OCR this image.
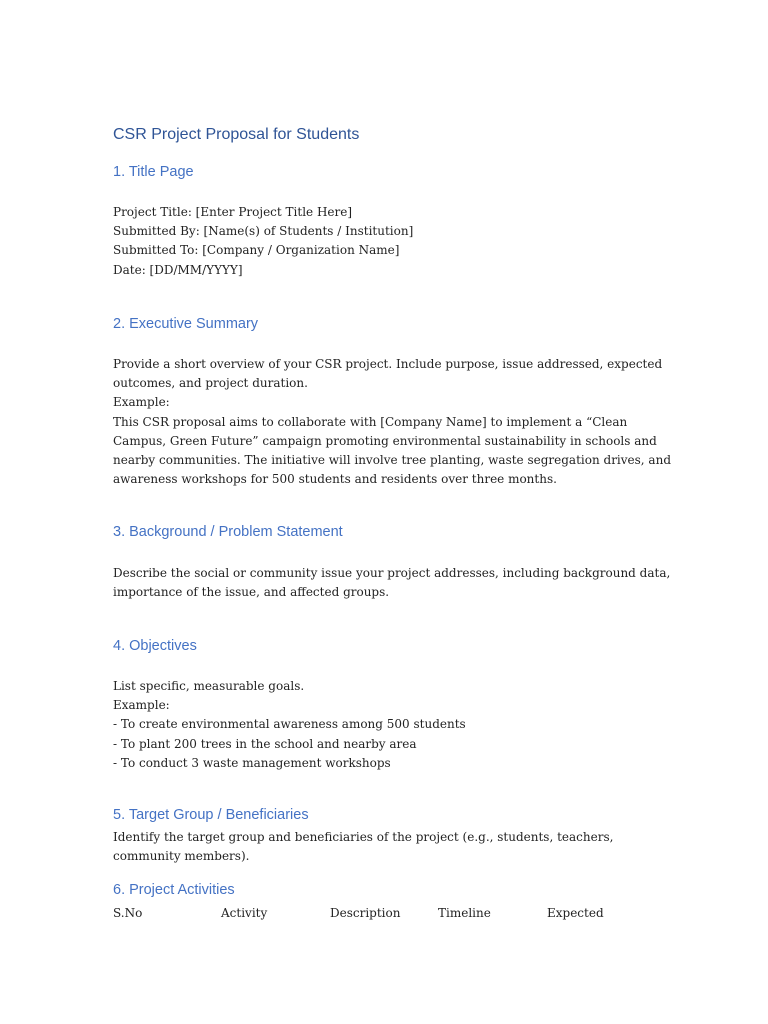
CSR Project Proposal for Students
1. Title Page
Project Title: [Enter Project Title Here]
Submitted By: [Name(s) of Students / Institution]
Submitted To: [Company / Organization Name]
Date: [DD/MM/YYYY]
2. Executive Summary
Provide a short overview of your CSR project. Include purpose, issue addressed, expected
outcomes, and project duration.
Example:
This CSR proposal aims to collaborate with [Company Name] to implement a “Clean
Campus, Green Future” campaign promoting environmental sustainability in schools and
nearby communities. The initiative will involve tree planting, waste segregation drives, and
awareness workshops for 500 students and residents over three months.
3. Background / Problem Statement
Describe the social or community issue your project addresses, including background data,
importance of the issue, and affected groups.
4. Objectives
List specific, measurable goals.
Example:
- To create environmental awareness among 500 students
- To plant 200 trees in the school and nearby area
- To conduct 3 waste management workshops
5. Target Group / Beneficiaries
Identify the target group and beneficiaries of the project (e.g., students, teachers,
community members).
6. Project Activities
S.No	Activity	Description	Timeline	Expected
